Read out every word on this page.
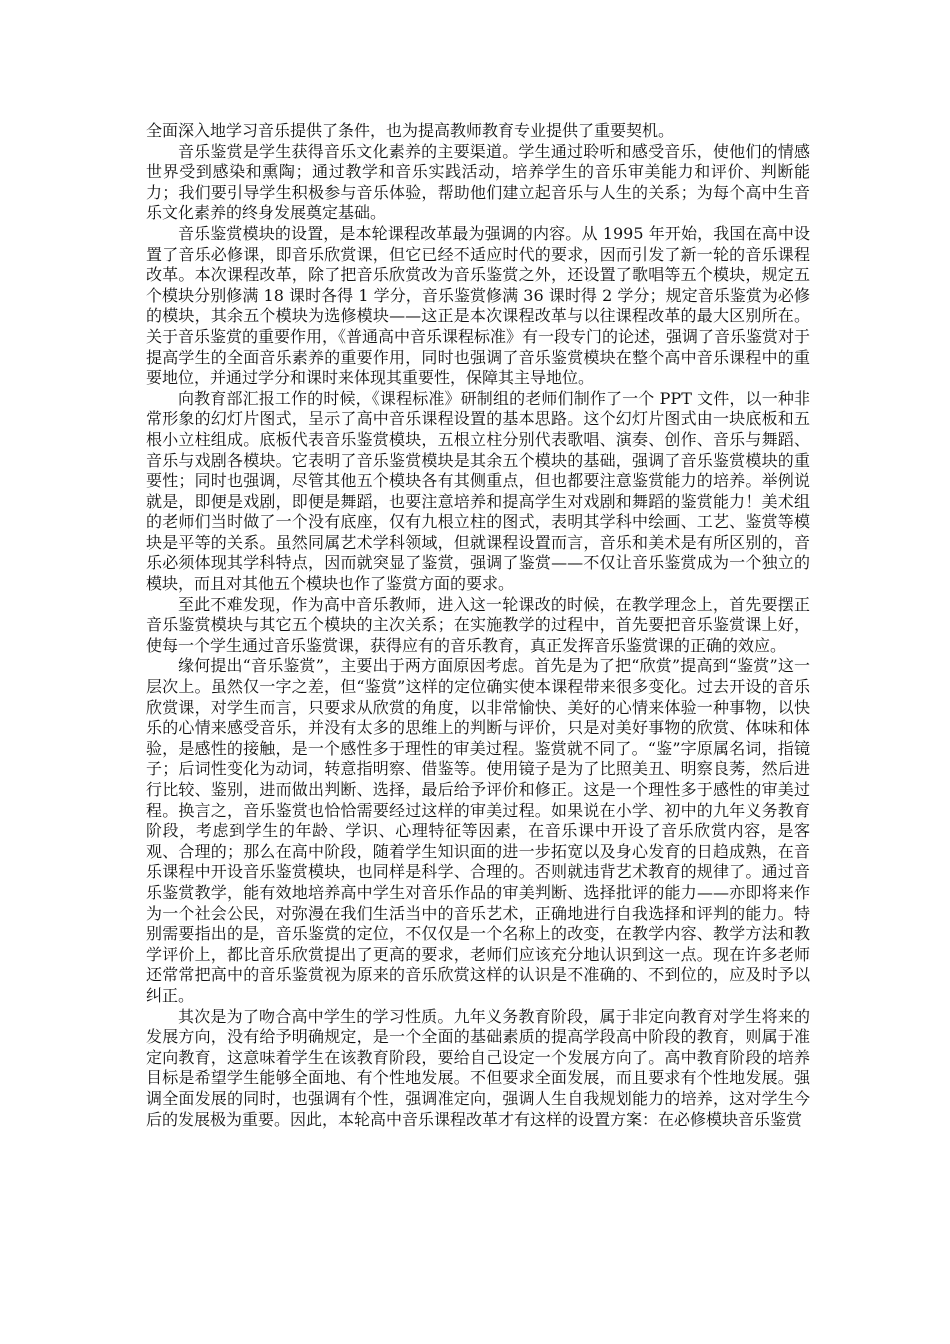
全面深入地学习音乐提供了条件，也为提高教师教育专业提供了重要契机。

音乐鉴赏是学生获得音乐文化素养的主要渠道。学生通过聆听和感受音乐，使他们的情感世界受到感染和熏陶；通过教学和音乐实践活动，培养学生的音乐审美能力和评价、判断能力；我们要引导学生积极参与音乐体验，帮助他们建立起音乐与人生的关系；为每个高中生音乐文化素养的终身发展奠定基础。

音乐鉴赏模块的设置，是本轮课程改革最为强调的内容。从 1995 年开始，我国在高中设置了音乐必修课，即音乐欣赏课，但它已经不适应时代的要求，因而引发了新一轮的音乐课程改革。本次课程改革，除了把音乐欣赏改为音乐鉴赏之外，还设置了歌唱等五个模块，规定五个模块分别修满 18 课时各得 1 学分，音乐鉴赏修满 36 课时得 2 学分；规定音乐鉴赏为必修的模块，其余五个模块为选修模块——这正是本次课程改革与以往课程改革的最大区别所在。关于音乐鉴赏的重要作用，《普通高中音乐课程标准》有一段专门的论述，强调了音乐鉴赏对于提高学生的全面音乐素养的重要作用，同时也强调了音乐鉴赏模块在整个高中音乐课程中的重要地位，并通过学分和课时来体现其重要性，保障其主导地位。

向教育部汇报工作的时候，《课程标准》研制组的老师们制作了一个 PPT 文件，以一种非常形象的幻灯片图式，呈示了高中音乐课程设置的基本思路。这个幻灯片图式由一块底板和五根小立柱组成。底板代表音乐鉴赏模块，五根立柱分别代表歌唱、演奏、创作、音乐与舞蹈、音乐与戏剧各模块。它表明了音乐鉴赏模块是其余五个模块的基础，强调了音乐鉴赏模块的重要性；同时也强调，尽管其他五个模块各有其侧重点，但也都要注意鉴赏能力的培养。举例说就是，即便是戏剧，即便是舞蹈，也要注意培养和提高学生对戏剧和舞蹈的鉴赏能力！美术组的老师们当时做了一个没有底座，仅有九根立柱的图式，表明其学科中绘画、工艺、鉴赏等模块是平等的关系。虽然同属艺术学科领域，但就课程设置而言，音乐和美术是有所区别的，音乐必须体现其学科特点，因而就突显了鉴赏，强调了鉴赏——不仅让音乐鉴赏成为一个独立的模块，而且对其他五个模块也作了鉴赏方面的要求。

至此不难发现，作为高中音乐教师，进入这一轮课改的时候，在教学理念上，首先要摆正音乐鉴赏模块与其它五个模块的主次关系；在实施教学的过程中，首先要把音乐鉴赏课上好，使每一个学生通过音乐鉴赏课，获得应有的音乐教育，真正发挥音乐鉴赏课的正确的效应。

缘何提出“音乐鉴赏”，主要出于两方面原因考虑。首先是为了把“欣赏”提高到“鉴赏”这一层次上。虽然仅一字之差，但“鉴赏”这样的定位确实使本课程带来很多变化。过去开设的音乐欣赏课，对学生而言，只要求从欣赏的角度，以非常愉快、美好的心情来体验一种事物，以快乐的心情来感受音乐，并没有太多的思维上的判断与评价，只是对美好事物的欣赏、体味和体验，是感性的接触，是一个感性多于理性的审美过程。鉴赏就不同了。“鉴”字原属名词，指镜子；后词性变化为动词，转意指明察、借鉴等。使用镜子是为了比照美丑、明察良莠，然后进行比较、鉴别，进而做出判断、选择，最后给予评价和修正。这是一个理性多于感性的审美过程。换言之，音乐鉴赏也恰恰需要经过这样的审美过程。如果说在小学、初中的九年义务教育阶段，考虑到学生的年龄、学识、心理特征等因素，在音乐课中开设了音乐欣赏内容，是客观、合理的；那么在高中阶段，随着学生知识面的进一步拓宽以及身心发育的日趋成熟，在音乐课程中开设音乐鉴赏模块，也同样是科学、合理的。否则就违背艺术教育的规律了。通过音乐鉴赏教学，能有效地培养高中学生对音乐作品的审美判断、选择批评的能力——亦即将来作为一个社会公民，对弥漫在我们生活当中的音乐艺术，正确地进行自我选择和评判的能力。特别需要指出的是，音乐鉴赏的定位，不仅仅是一个名称上的改变，在教学内容、教学方法和教学评价上，都比音乐欣赏提出了更高的要求，老师们应该充分地认识到这一点。现在许多老师还常常把高中的音乐鉴赏视为原来的音乐欣赏这样的认识是不准确的、不到位的，应及时予以纠正。

其次是为了吻合高中学生的学习性质。九年义务教育阶段，属于非定向教育对学生将来的发展方向，没有给予明确规定，是一个全面的基础素质的提高学段高中阶段的教育，则属于准定向教育，这意味着学生在该教育阶段，要给自己设定一个发展方向了。高中教育阶段的培养目标是希望学生能够全面地、有个性地发展。不但要求全面发展，而且要求有个性地发展。强调全面发展的同时，也强调有个性，强调准定向，强调人生自我规划能力的培养，这对学生今后的发展极为重要。因此，本轮高中音乐课程改革才有这样的设置方案：在必修模块音乐鉴赏
